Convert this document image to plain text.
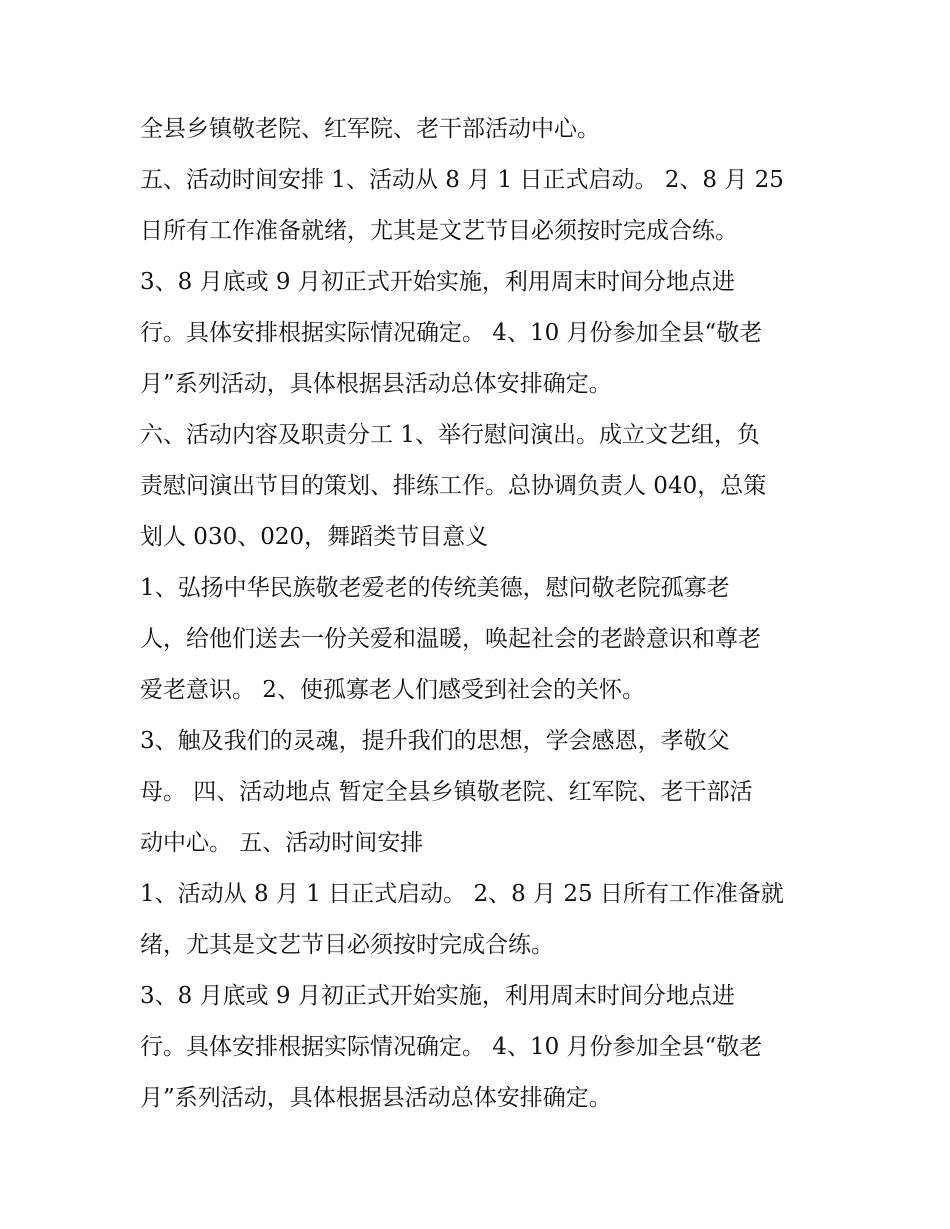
全县乡镇敬老院、红军院、老干部活动中心。
五、活动时间安排 1、活动从 8 月 1 日正式启动。 2、8 月 25
日所有工作准备就绪，尤其是文艺节目必须按时完成合练。
3、8 月底或 9 月初正式开始实施，利用周末时间分地点进
行。具体安排根据实际情况确定。 4、10 月份参加全县“敬老
月”系列活动，具体根据县活动总体安排确定。
六、活动内容及职责分工 1、举行慰问演出。成立文艺组，负
责慰问演出节目的策划、排练工作。总协调负责人 040，总策
划人 030、020，舞蹈类节目意义
1、弘扬中华民族敬老爱老的传统美德，慰问敬老院孤寡老
人，给他们送去一份关爱和温暖，唤起社会的老龄意识和尊老
爱老意识。 2、使孤寡老人们感受到社会的关怀。
3、触及我们的灵魂，提升我们的思想，学会感恩，孝敬父
母。 四、活动地点 暂定全县乡镇敬老院、红军院、老干部活
动中心。 五、活动时间安排
1、活动从 8 月 1 日正式启动。 2、8 月 25 日所有工作准备就
绪，尤其是文艺节目必须按时完成合练。
3、8 月底或 9 月初正式开始实施，利用周末时间分地点进
行。具体安排根据实际情况确定。 4、10 月份参加全县“敬老
月”系列活动，具体根据县活动总体安排确定。
